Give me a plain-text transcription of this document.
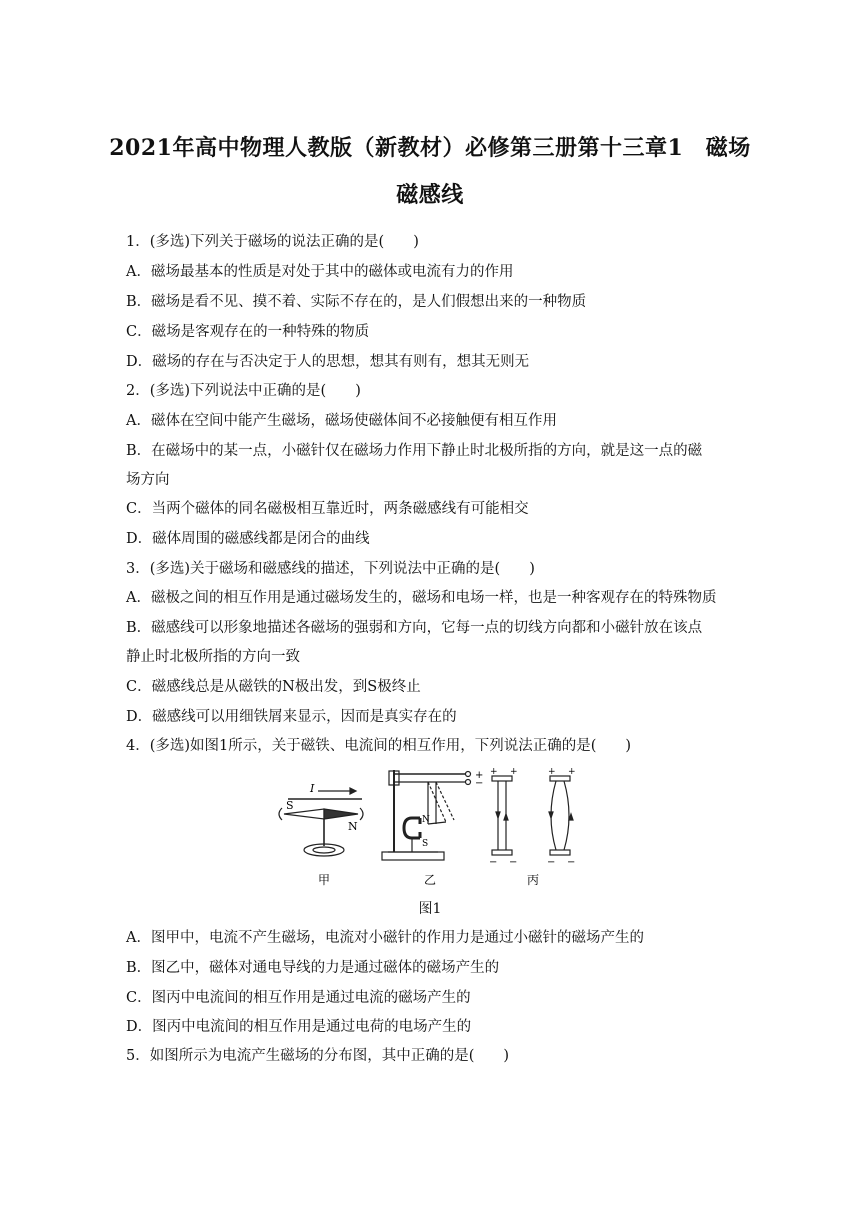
2021年高中物理人教版（新教材）必修第三册第十三章1　磁场
磁感线
1．(多选)下列关于磁场的说法正确的是(　　)
A．磁场最基本的性质是对处于其中的磁体或电流有力的作用
B．磁场是看不见、摸不着、实际不存在的，是人们假想出来的一种物质
C．磁场是客观存在的一种特殊的物质
D．磁场的存在与否决定于人的思想，想其有则有，想其无则无
2．(多选)下列说法中正确的是(　　)
A．磁体在空间中能产生磁场，磁场使磁体间不必接触便有相互作用
B．在磁场中的某一点，小磁针仅在磁场力作用下静止时北极所指的方向，就是这一点的磁
场方向
C．当两个磁体的同名磁极相互靠近时，两条磁感线有可能相交
D．磁体周围的磁感线都是闭合的曲线
3．(多选)关于磁场和磁感线的描述，下列说法中正确的是(　　)
A．磁极之间的相互作用是通过磁场发生的，磁场和电场一样，也是一种客观存在的特殊物质
B．磁感线可以形象地描述各磁场的强弱和方向，它每一点的切线方向都和小磁针放在该点
静止时北极所指的方向一致
C．磁感线总是从磁铁的N极出发，到S极终止
D．磁感线可以用细铁屑来显示，因而是真实存在的
4．(多选)如图1所示，关于磁铁、电流间的相互作用，下列说法正确的是(　　)
I
S
N
+
−
N
S
+ +
− −
+ +
− −
甲	乙	丙
图1
A．图甲中，电流不产生磁场，电流对小磁针的作用力是通过小磁针的磁场产生的
B．图乙中，磁体对通电导线的力是通过磁体的磁场产生的
C．图丙中电流间的相互作用是通过电流的磁场产生的
D．图丙中电流间的相互作用是通过电荷的电场产生的
5．如图所示为电流产生磁场的分布图，其中正确的是(　　)
